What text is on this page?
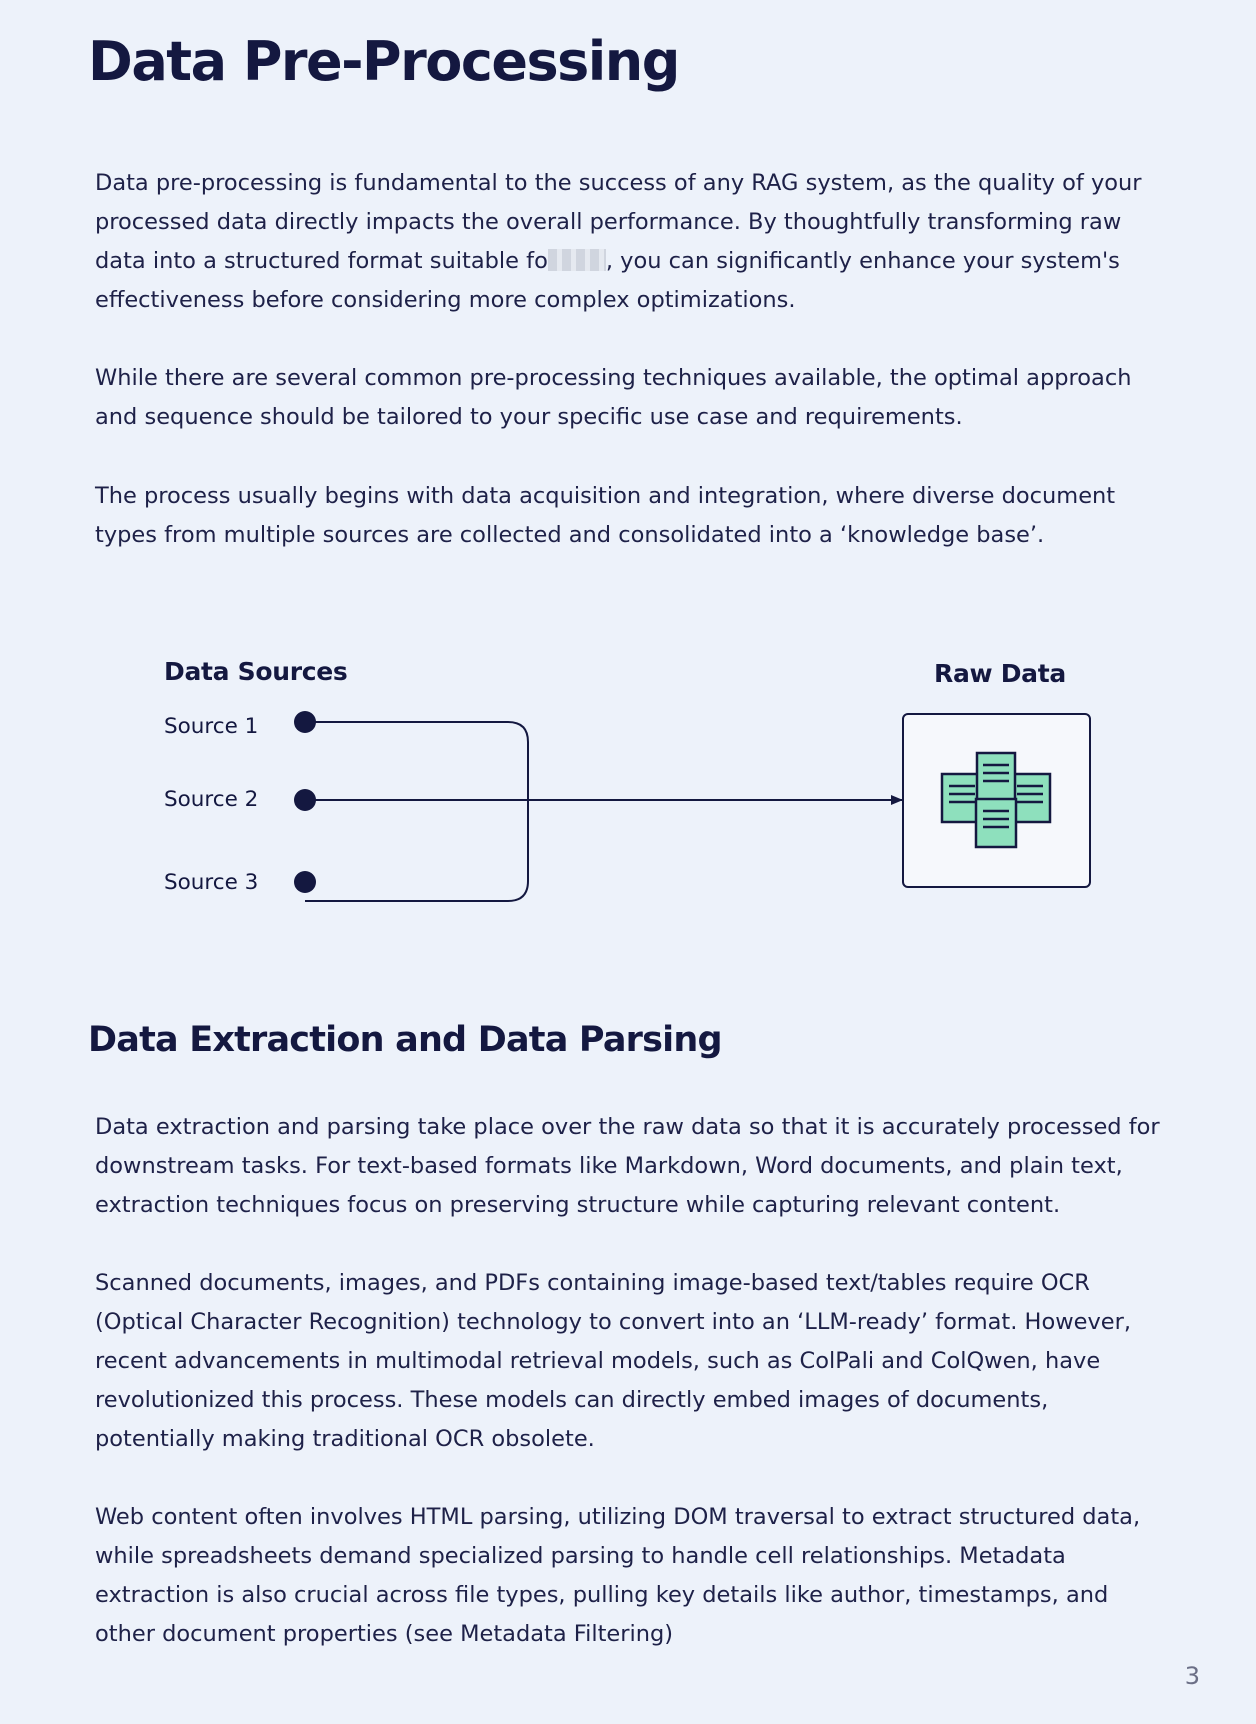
Data Pre-Processing

Data pre-processing is fundamental to the success of any RAG system, as the quality of your processed data directly impacts the overall performance. By thoughtfully transforming raw data into a structured format suitable fo	, you can significantly enhance your system's effectiveness before considering more complex optimizations.

While there are several common pre-processing techniques available, the optimal approach and sequence should be tailored to your specific use case and requirements.

The process usually begins with data acquisition and integration, where diverse document types from multiple sources are collected and consolidated into a ‘knowledge base’.

Data Sources	Raw Data
Source 1
Source 2
Source 3
Data Extraction and Data Parsing

Data extraction and parsing take place over the raw data so that it is accurately processed for downstream tasks. For text-based formats like Markdown, Word documents, and plain text, extraction techniques focus on preserving structure while capturing relevant content.

Scanned documents, images, and PDFs containing image-based text/tables require OCR (Optical Character Recognition) technology to convert into an ‘LLM-ready’ format. However, recent advancements in multimodal retrieval models, such as ColPali and ColQwen, have revolutionized this process. These models can directly embed images of documents, potentially making traditional OCR obsolete.

Web content often involves HTML parsing, utilizing DOM traversal to extract structured data, while spreadsheets demand specialized parsing to handle cell relationships. Metadata extraction is also crucial across file types, pulling key details like author, timestamps, and other document properties (see Metadata Filtering)

3
